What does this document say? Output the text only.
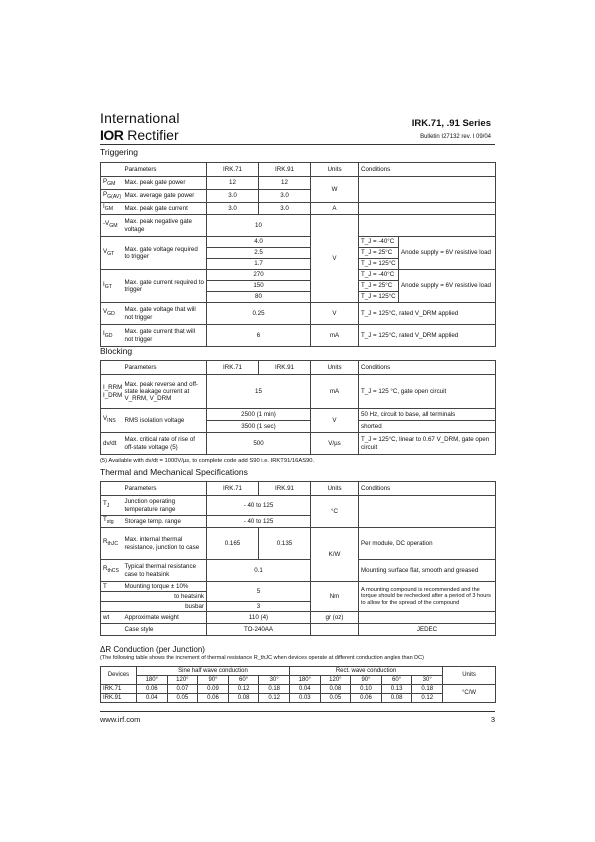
International
IOR Rectifier
IRK.71, .91 Series
Bulletin I27132 rev. I 09/04
Triggering
	Parameters	IRK.71	IRK.91	Units	Conditions	
$P_{GM}$	Max. peak gate power	12	12	W		
$P_{G(AV)}$	Max. average gate power	3.0	3.0			
$I_{GM}$	Max. peak gate current	3.0	3.0	A		
$-V_{GM}$	Max. peak negative gate voltage	10		V		
$V_{GT}$	Max. gate voltage required to trigger	4.0			T_J = -40°C	Anode supply = 6V resistive load
		2.5			T_J = 25°C	
		1.7			T_J = 125°C	
$I_{GT}$	Max. gate current required to trigger	270			T_J = -40°C	Anode supply = 6V resistive load
		150			T_J = 25°C	
		80			T_J = 125°C	
$V_{GD}$	Max. gate voltage that will not trigger	0.25		V	T_J = 125°C, rated V_DRM applied	
$I_{GD}$	Max. gate current that will not trigger	6		mA	T_J = 125°C, rated V_DRM applied	
Blocking
	Parameters	IRK.71	IRK.91	Units	Conditions
I_RRM I_DRM	Max. peak reverse and off-state leakage current at V_RRM, V_DRM	15		mA	T_J = 125 °C, gate open circuit
$V_{INS}$	RMS isolation voltage	2500 (1 min)		V	50 Hz, circuit to base, all terminals
		3500 (1 sec)			shorted
dv/dt	Max. critical rate of rise of off-state voltage (5)	500		V/µs	T_J = 125°C, linear to 0.67 V_DRM, gate open circuit
(5) Available with dv/dt = 1000V/µs, to complete code add S90 i.e. IRKT91/16AS90.
Thermal and Mechanical Specifications
	Parameters	IRK.71	IRK.91	Units	Conditions
$T_J$	Junction operating temperature range	- 40 to 125		°C	
$T_{stg}$	Storage temp. range	- 40 to 125			
$R_{thJC}$	Max. internal thermal resistance, junction to case	0.165	0.135	K/W	Per module, DC operation
$R_{thCS}$	Typical thermal resistance case to heatsink	0.1			Mounting surface flat, smooth and greased
T	Mounting torque ± 10%	5		Nm	A mounting compound is recommended and the torque should be rechecked after a period of 3 hours to allow for the spread of the compound
	to heatsink				
	busbar	3			
wt	Approximate weight	110 (4)		gr (oz)	
	Case style	TO-240AA			JEDEC
ΔR Conduction (per Junction)
(The following table shows the increment of thermal resistance R_thJC when devices operate at different conduction angles than DC)
Devices	Sine half wave conduction					Rect. wave conduction					Units
	180°	120°	90°	60°	30°	180°	120°	90°	60°	30°	
IRK.71	0.06	0.07	0.09	0.12	0.18	0.04	0.08	0.10	0.13	0.18	°C/W
IRK.91	0.04	0.05	0.06	0.08	0.12	0.03	0.05	0.06	0.08	0.12	
www.irf.com	3
